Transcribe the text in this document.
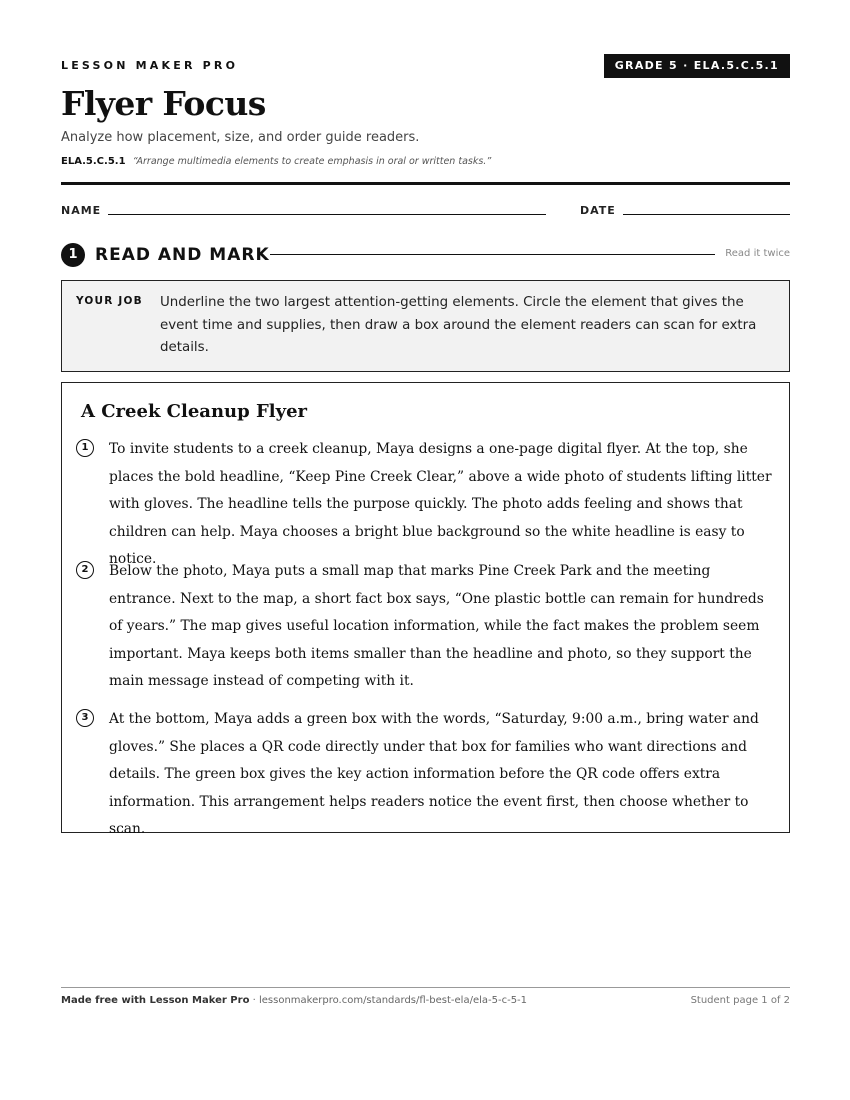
LESSON MAKER PRO	GRADE 5 · ELA.5.C.5.1
Flyer Focus
Analyze how placement, size, and order guide readers.
ELA.5.C.5.1 “Arrange multimedia elements to create emphasis in oral or written tasks.”
NAME	DATE
1	READ AND MARK	Read it twice
YOUR JOB Underline the two largest attention-getting elements. Circle the element that gives the event time and supplies, then draw a box around the element readers can scan for extra details.
A Creek Cleanup Flyer
1	To invite students to a creek cleanup, Maya designs a one-page digital flyer. At the top, she places the bold headline, “Keep Pine Creek Clear,” above a wide photo of students lifting litter with gloves. The headline tells the purpose quickly. The photo adds feeling and shows that children can help. Maya chooses a bright blue background so the white headline is easy to notice.

2	Below the photo, Maya puts a small map that marks Pine Creek Park and the meeting entrance. Next to the map, a short fact box says, “One plastic bottle can remain for hundreds of years.” The map gives useful location information, while the fact makes the problem seem important. Maya keeps both items smaller than the headline and photo, so they support the main message instead of competing with it.

3	At the bottom, Maya adds a green box with the words, “Saturday, 9:00 a.m., bring water and gloves.” She places a QR code directly under that box for families who want directions and details. The green box gives the key action information before the QR code offers extra information. This arrangement helps readers notice the event first, then choose whether to scan.

Made free with Lesson Maker Pro · lessonmakerpro.com/standards/fl-best-ela/ela-5-c-5-1	Student page 1 of 2
